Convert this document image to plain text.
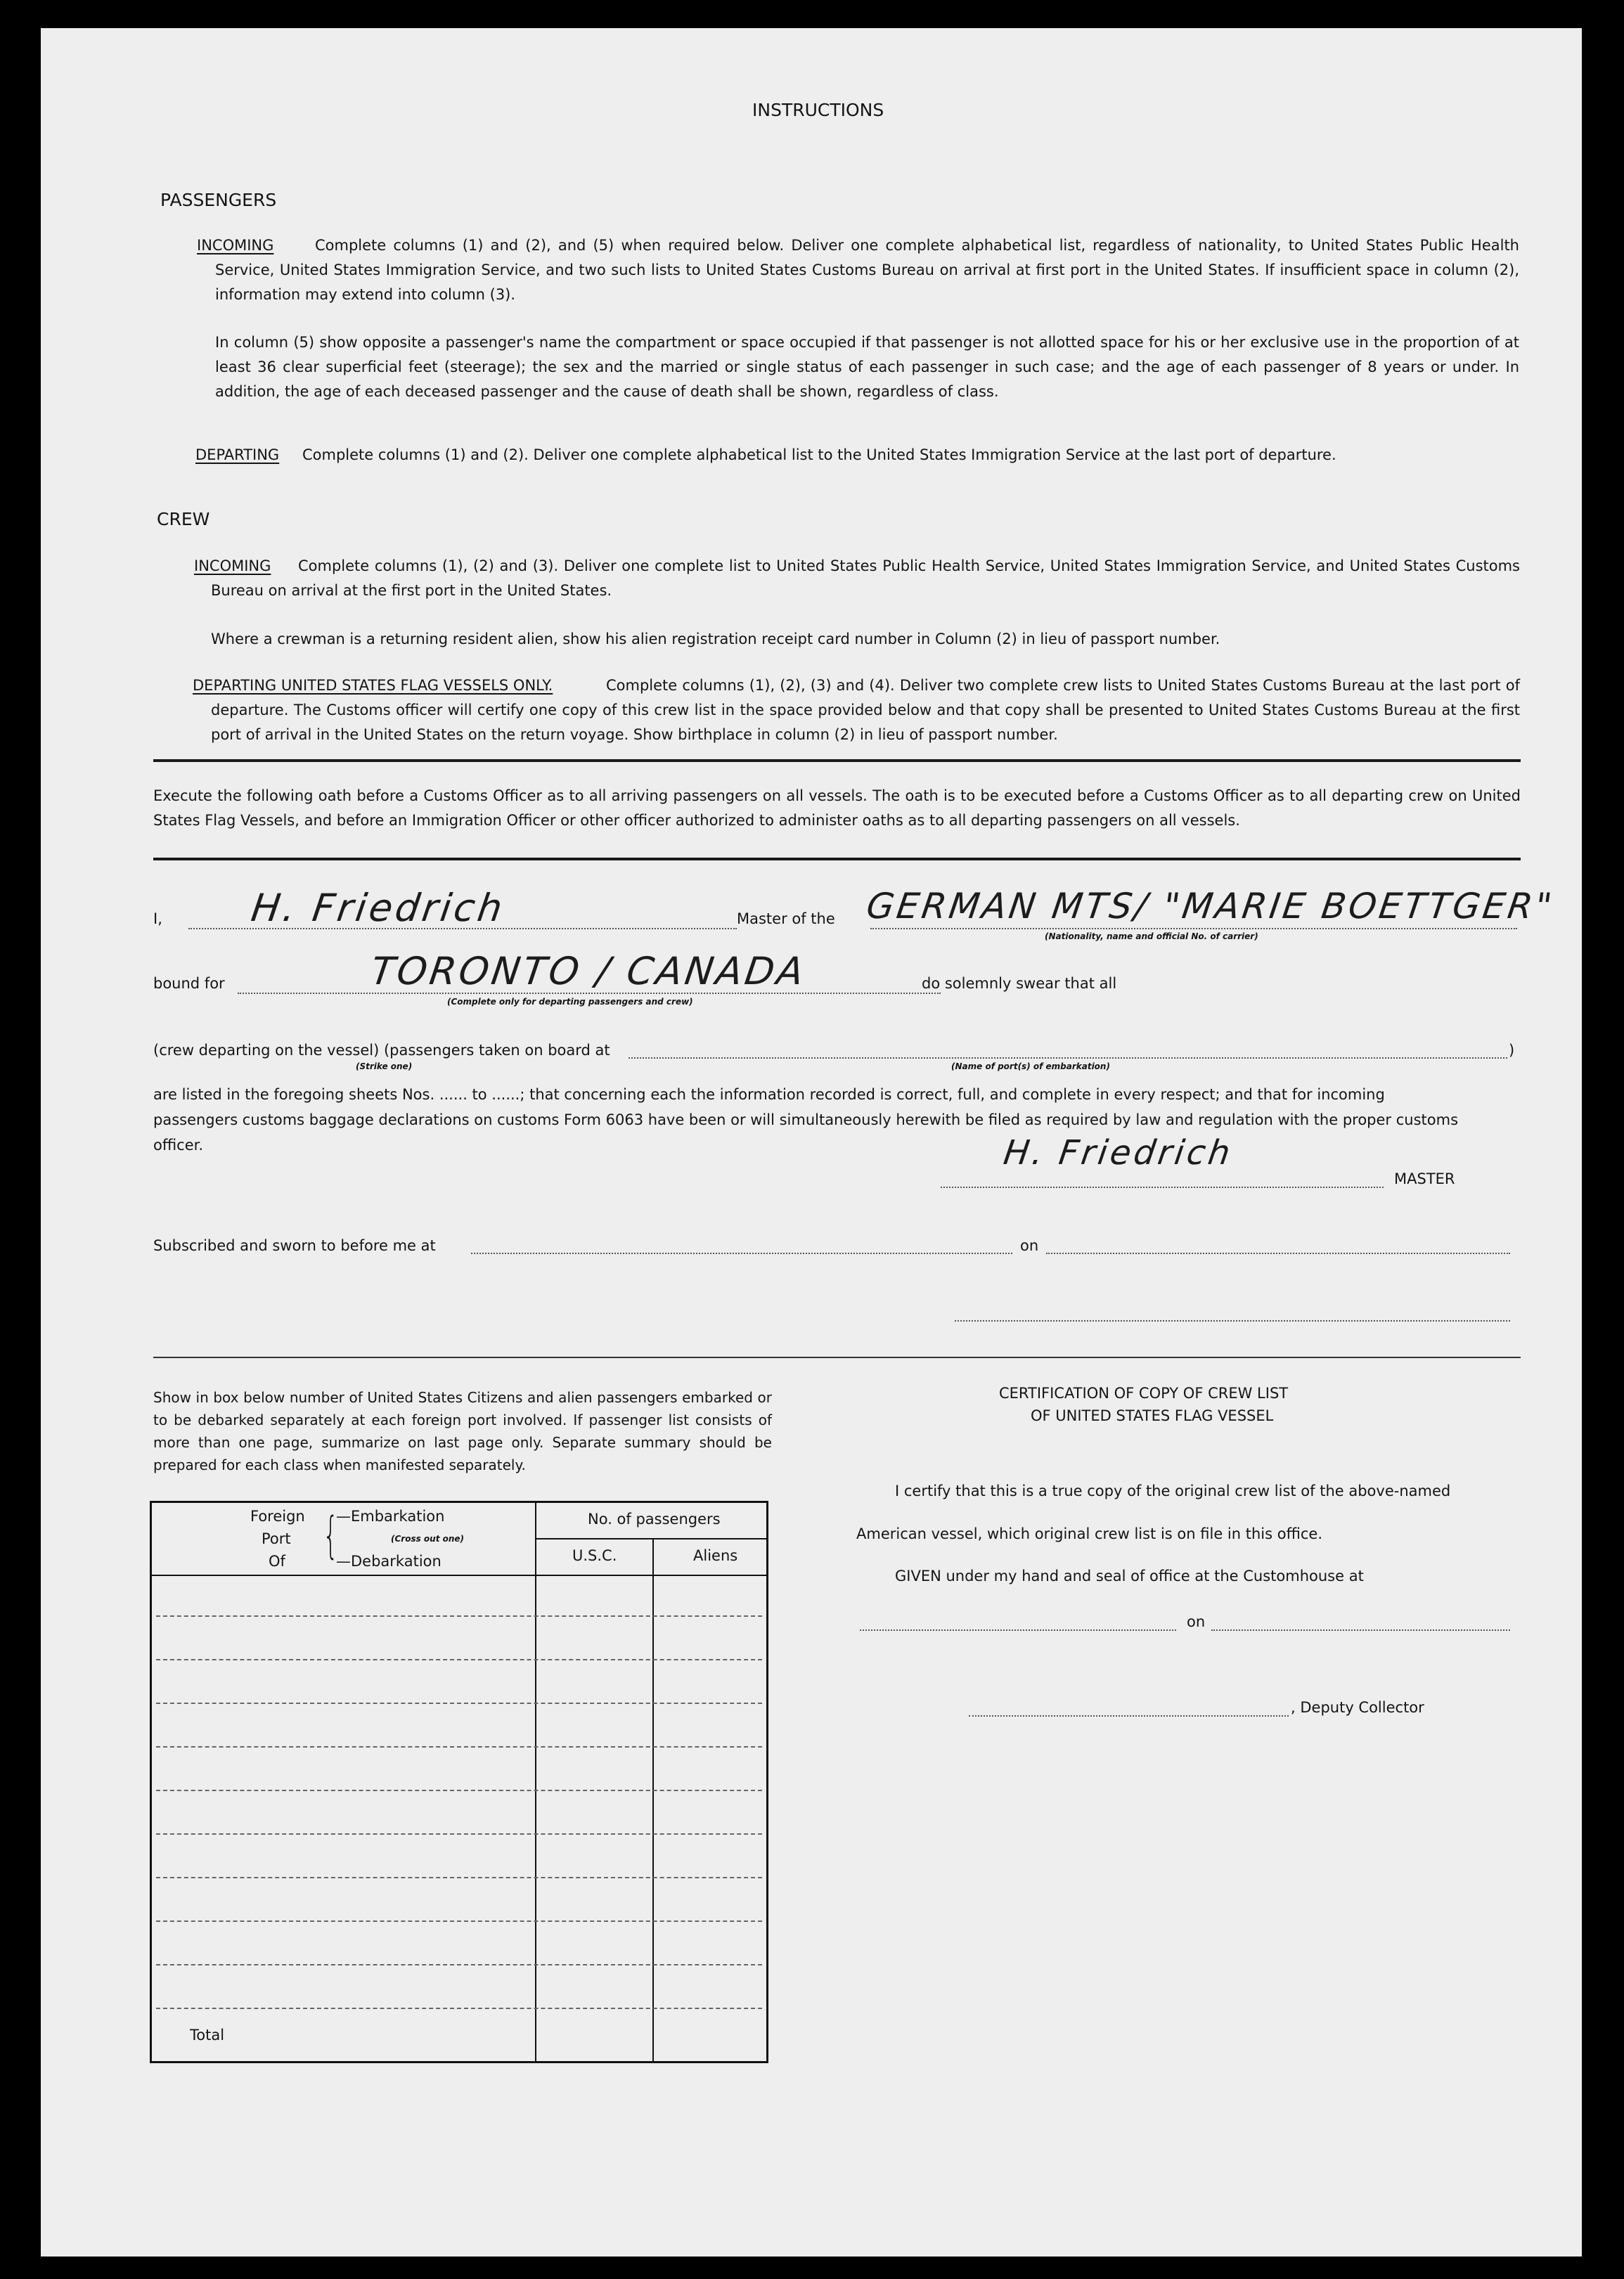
INSTRUCTIONS
PASSENGERS
INCOMING	Complete columns (1) and (2), and (5) when required below. Deliver one complete alphabetical list, regardless of nationality, to United States Public Health Service, United States Immigration Service, and two such lists to United States Customs Bureau on arrival at first port in the United States. If insufficient space in column (2), information may extend into column (3).
In column (5) show opposite a passenger's name the compartment or space occupied if that passenger is not allotted space for his or her exclusive use in the proportion of at least 36 clear superficial feet (steerage); the sex and the married or single status of each passenger in such case; and the age of each passenger of 8 years or under. In addition, the age of each deceased passenger and the cause of death shall be shown, regardless of class.
DEPARTING Complete columns (1) and (2). Deliver one complete alphabetical list to the United States Immigration Service at the last port of departure.
CREW
INCOMING	Complete columns (1), (2) and (3). Deliver one complete list to United States Public Health Service, United States Immigration Service, and United States Customs Bureau on arrival at the first port in the United States.
Where a crewman is a returning resident alien, show his alien registration receipt card number in Column (2) in lieu of passport number.
DEPARTING UNITED STATES FLAG VESSELS ONLY.	Complete columns (1), (2), (3) and (4). Deliver two complete crew lists to United States Customs Bureau at the last port of departure. The Customs officer will certify one copy of this crew list in the space provided below and that copy shall be presented to United States Customs Bureau at the first port of arrival in the United States on the return voyage. Show birthplace in column (2) in lieu of passport number.
Execute the following oath before a Customs Officer as to all arriving passengers on all vessels. The oath is to be executed before a Customs Officer as to all departing crew on United States Flag Vessels, and before an Immigration Officer or other officer authorized to administer oaths as to all departing passengers on all vessels.
I, H. Friedrich	Master of the GERMAN MTS/ "MARIE BOETTGER"
(Nationality, name and official No. of carrier)
bound for	TORONTO / CANADA
(Complete only for departing passengers and crew)
do solemnly swear that all
(crew departing on the vessel) (passengers taken on board at	)
(Strike one)	(Name of port(s) of embarkation)
are listed in the foregoing sheets Nos. ...... to ......; that concerning each the information recorded is correct, full, and complete in every respect; and that for incoming
passengers customs baggage declarations on customs Form 6063 have been or will simultaneously herewith be filed as required by law and regulation with the proper customs
officer.	H. Friedrich
MASTER
Subscribed and sworn to before me at	on
Show in box below number of United States Citizens and alien passengers embarked or to be debarked separately at each foreign port involved. If passenger list consists of more than one page, summarize on last page only. Separate summary should be prepared for each class when manifested separately.
Foreign
Port
Of {
—Embarkation
(Cross out one)
—Debarkation
No. of passengers
U.S.C.	Aliens
Total
CERTIFICATION OF COPY OF CREW LIST
OF UNITED STATES FLAG VESSEL
I certify that this is a true copy of the original crew list of the above-named
American vessel, which original crew list is on file in this office.
GIVEN under my hand and seal of office at the Customhouse at
on
, Deputy Collector
